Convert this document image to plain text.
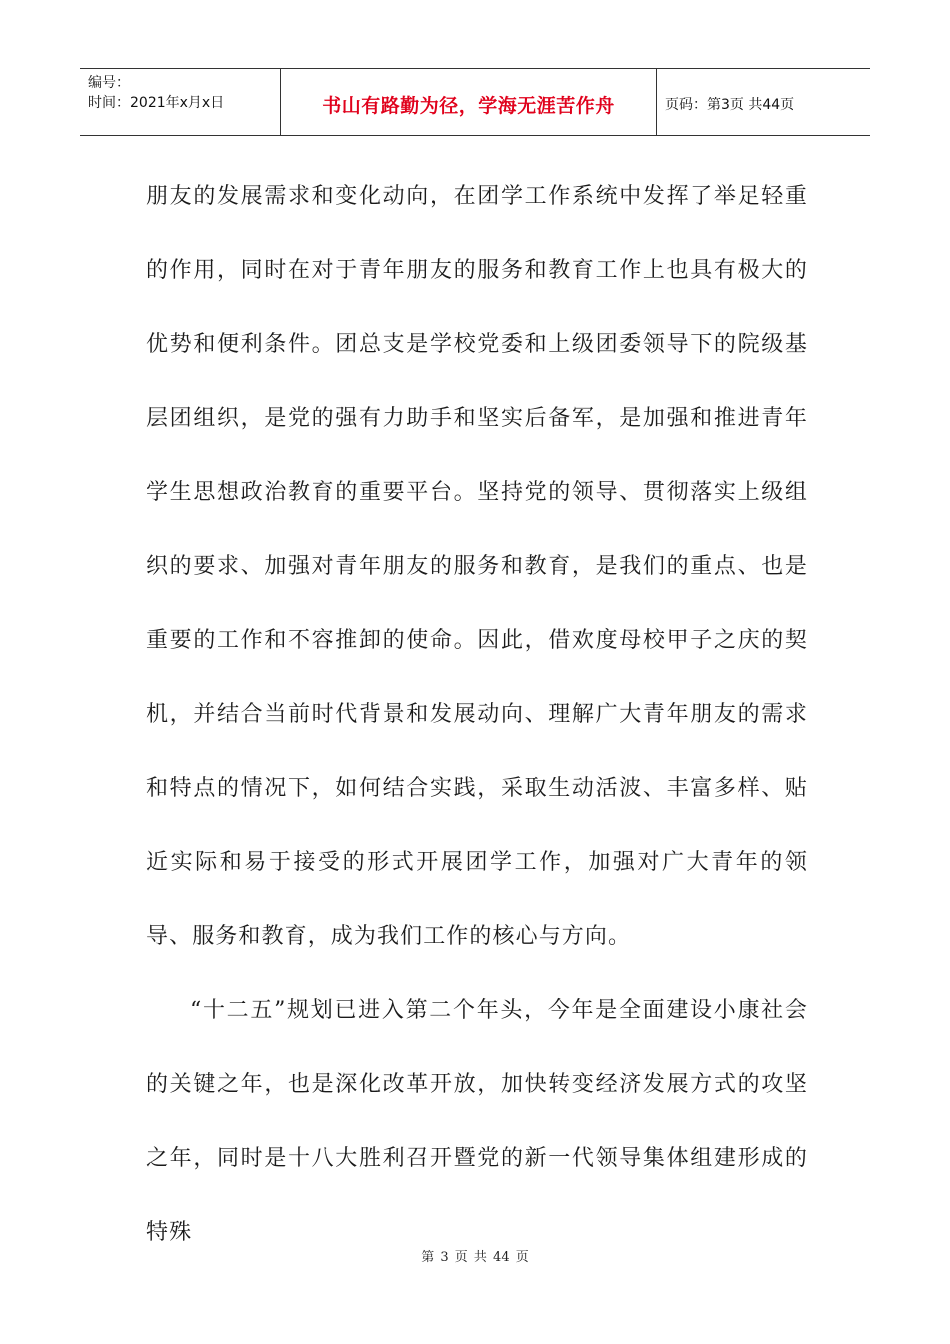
编号：
时间：2021年x月x日	书山有路勤为径，学海无涯苦作舟	页码：第3页 共44页

朋友的发展需求和变化动向，在团学工作系统中发挥了举足轻重的作用，同时在对于青年朋友的服务和教育工作上也具有极大的优势和便利条件。团总支是学校党委和上级团委领导下的院级基层团组织，是党的强有力助手和坚实后备军，是加强和推进青年学生思想政治教育的重要平台。坚持党的领导、贯彻落实上级组织的要求、加强对青年朋友的服务和教育，是我们的重点、也是重要的工作和不容推卸的使命。因此，借欢度母校甲子之庆的契机，并结合当前时代背景和发展动向、理解广大青年朋友的需求和特点的情况下，如何结合实践，采取生动活波、丰富多样、贴近实际和易于接受的形式开展团学工作，加强对广大青年的领导、服务和教育，成为我们工作的核心与方向。

“十二五”规划已进入第二个年头，今年是全面建设小康社会的关键之年，也是深化改革开放，加快转变经济发展方式的攻坚之年，同时是十八大胜利召开暨党的新一代领导集体组建形成的特殊

第 3 页 共 44 页
